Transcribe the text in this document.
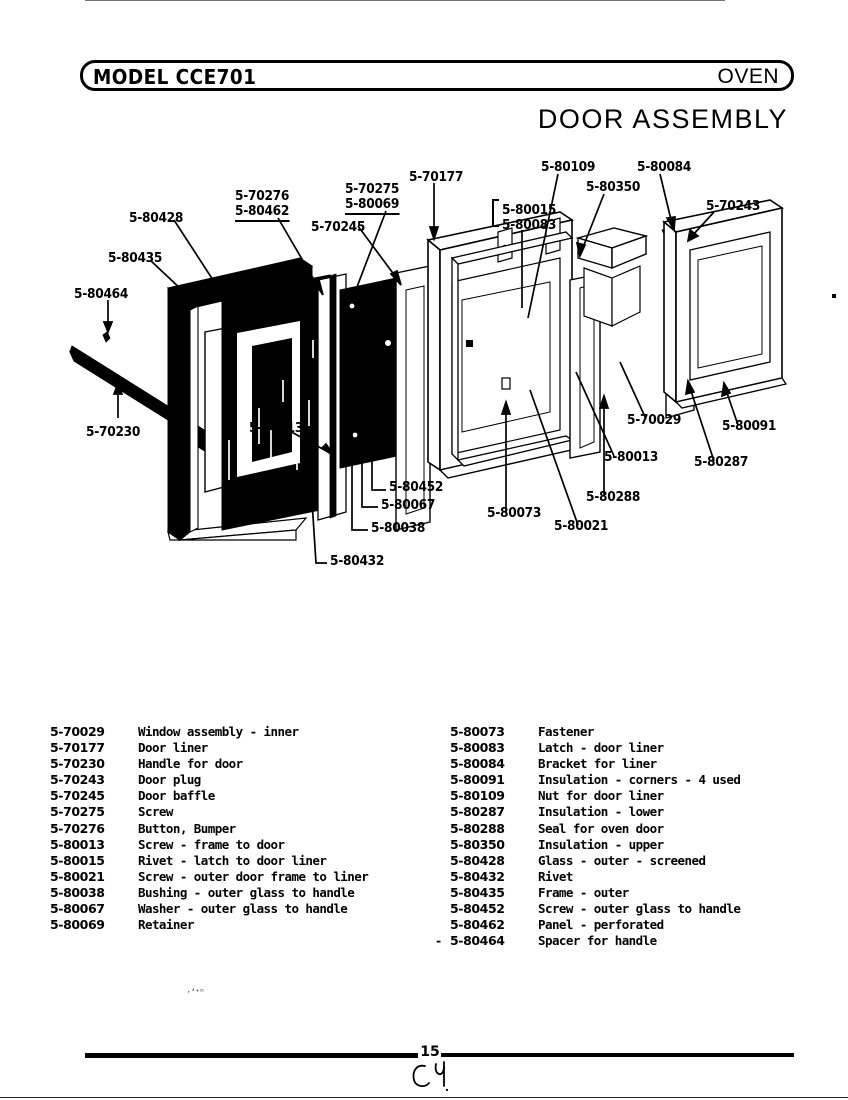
·ʼ⁺ⁿ
MODEL CCE701	OVEN
DOOR ASSEMBLY
5-80464
5-80435
5-80428
5-70230	5-80013
5-70276
5-80462
5-70275
5-80069
5-70245
5-70177
5-80015
5-80083
5-80109
5-80350
5-80084
5-70243
5-80452
5-80067
5-80038
5-80432
5-80073
5-80021
5-80288
5-80013
5-70029
5-80287
5-80091
5-70029	Window assembly - inner
5-70177	Door liner
5-70230	Handle for door
5-70243	Door plug
5-70245	Door baffle
5-70275	Screw
5-70276	Button, Bumper
5-80013	Screw - frame to door
5-80015	Rivet - latch to door liner
5-80021	Screw - outer door frame to liner
5-80038	Bushing - outer glass to handle
5-80067	Washer - outer glass to handle
5-80069	Retainer
5-80073	Fastener
5-80083	Latch - door liner
5-80084	Bracket for liner
5-80091	Insulation - corners - 4 used
5-80109	Nut for door liner
5-80287	Insulation - lower
5-80288	Seal for oven door
5-80350	Insulation - upper
5-80428	Glass - outer - screened
5-80432	Rivet
5-80435	Frame - outer
5-80452	Screw - outer glass to handle
5-80462	Panel - perforated
- 5-80464	Spacer for handle
15
